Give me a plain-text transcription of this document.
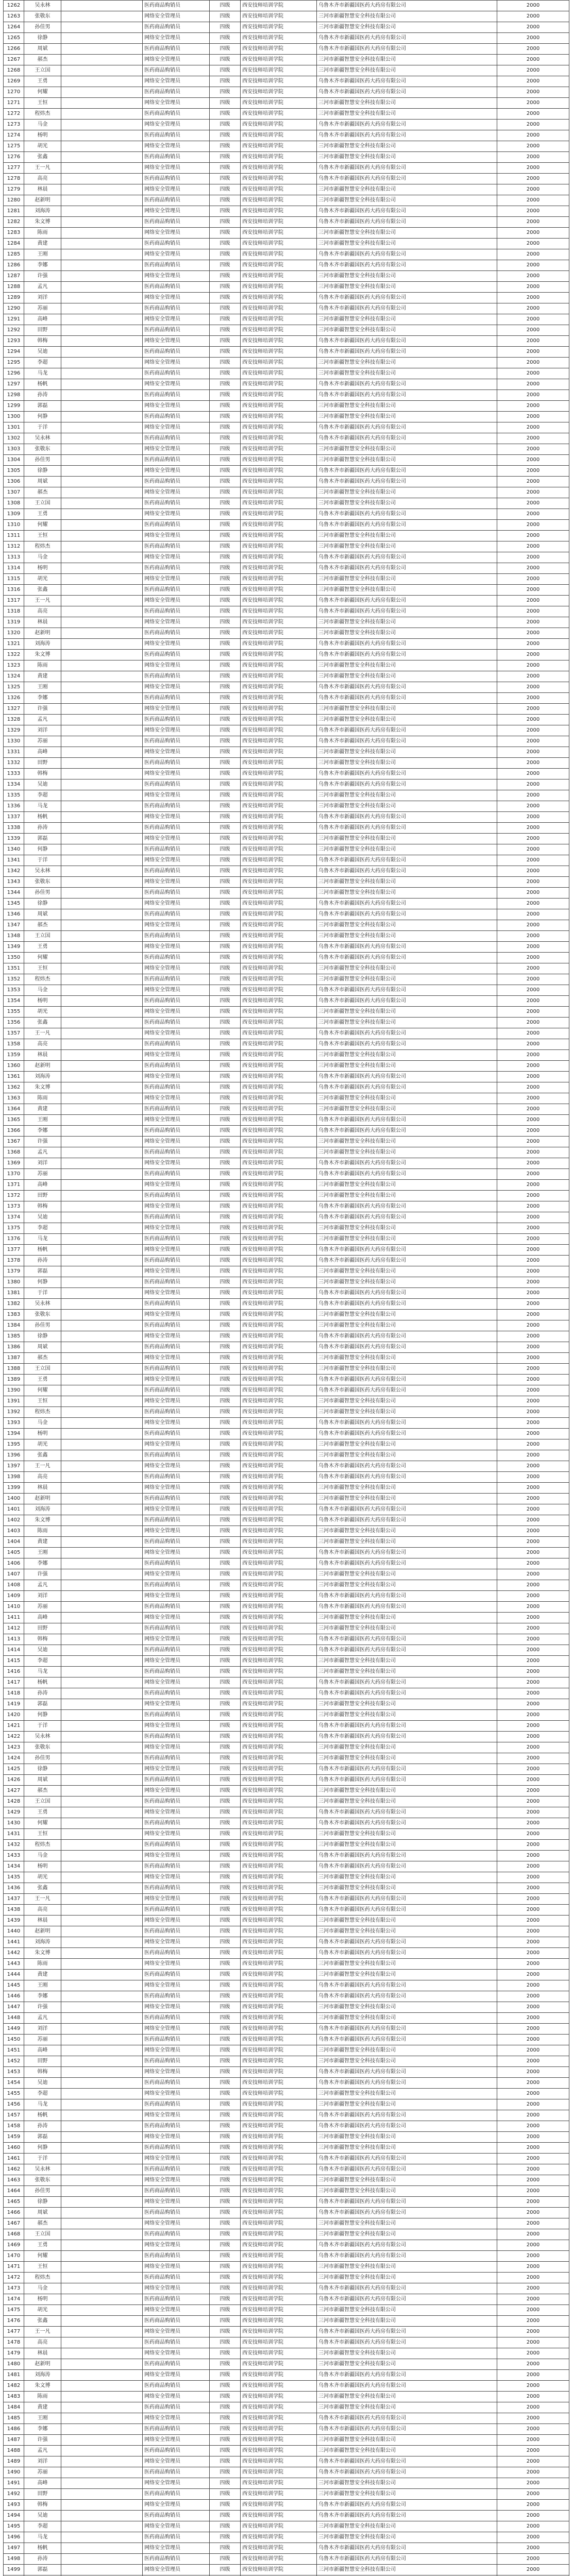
1262	吴永林		医药商品购销员	四级	西安技师培训学院	乌鲁木齐市新疆国医药大药房有限公司	2000
1263	张敬东		网络安全管理员	四级	西安技师培训学院	三河市新疆智慧安全科技有限公司	2000
1264	孙佳男		医药商品购销员	四级	西安技师培训学院	三河市新疆智慧安全科技有限公司	2000
1265	徐静		网络安全管理员	四级	西安技师培训学院	乌鲁木齐市新疆国医药大药房有限公司	2000
1266	周斌		医药商品购销员	四级	西安技师培训学院	乌鲁木齐市新疆国医药大药房有限公司	2000
1267	郝杰		网络安全管理员	四级	西安技师培训学院	三河市新疆智慧安全科技有限公司	2000
1268	王立国		医药商品购销员	四级	西安技师培训学院	三河市新疆智慧安全科技有限公司	2000
1269	王勇		网络安全管理员	四级	西安技师培训学院	乌鲁木齐市新疆国医药大药房有限公司	2000
1270	何耀		医药商品购销员	四级	西安技师培训学院	乌鲁木齐市新疆国医药大药房有限公司	2000
1271	王恒		网络安全管理员	四级	西安技师培训学院	三河市新疆智慧安全科技有限公司	2000
1272	程炜杰		医药商品购销员	四级	西安技师培训学院	三河市新疆智慧安全科技有限公司	2000
1273	马金		网络安全管理员	四级	西安技师培训学院	乌鲁木齐市新疆国医药大药房有限公司	2000
1274	杨明		医药商品购销员	四级	西安技师培训学院	乌鲁木齐市新疆国医药大药房有限公司	2000
1275	胡光		网络安全管理员	四级	西安技师培训学院	三河市新疆智慧安全科技有限公司	2000
1276	张鑫		医药商品购销员	四级	西安技师培训学院	三河市新疆智慧安全科技有限公司	2000
1277	王一凡		网络安全管理员	四级	西安技师培训学院	乌鲁木齐市新疆国医药大药房有限公司	2000
1278	高亮		医药商品购销员	四级	西安技师培训学院	乌鲁木齐市新疆国医药大药房有限公司	2000
1279	林晨		网络安全管理员	四级	西安技师培训学院	三河市新疆智慧安全科技有限公司	2000
1280	赵新明		医药商品购销员	四级	西安技师培训学院	三河市新疆智慧安全科技有限公司	2000
1281	刘海涛		网络安全管理员	四级	西安技师培训学院	乌鲁木齐市新疆国医药大药房有限公司	2000
1282	朱文博		医药商品购销员	四级	西安技师培训学院	乌鲁木齐市新疆国医药大药房有限公司	2000
1283	陈雨		网络安全管理员	四级	西安技师培训学院	三河市新疆智慧安全科技有限公司	2000
1284	黄建		医药商品购销员	四级	西安技师培训学院	三河市新疆智慧安全科技有限公司	2000
1285	王刚		网络安全管理员	四级	西安技师培训学院	乌鲁木齐市新疆国医药大药房有限公司	2000
1286	李娜		医药商品购销员	四级	西安技师培训学院	乌鲁木齐市新疆国医药大药房有限公司	2000
1287	许强		网络安全管理员	四级	西安技师培训学院	三河市新疆智慧安全科技有限公司	2000
1288	孟凡		医药商品购销员	四级	西安技师培训学院	三河市新疆智慧安全科技有限公司	2000
1289	刘洋		网络安全管理员	四级	西安技师培训学院	乌鲁木齐市新疆国医药大药房有限公司	2000
1290	苏丽		医药商品购销员	四级	西安技师培训学院	乌鲁木齐市新疆国医药大药房有限公司	2000
1291	高峰		网络安全管理员	四级	西安技师培训学院	三河市新疆智慧安全科技有限公司	2000
1292	田野		医药商品购销员	四级	西安技师培训学院	三河市新疆智慧安全科技有限公司	2000
1293	韩梅		网络安全管理员	四级	西安技师培训学院	乌鲁木齐市新疆国医药大药房有限公司	2000
1294	吴迪		医药商品购销员	四级	西安技师培训学院	乌鲁木齐市新疆国医药大药房有限公司	2000
1295	李超		网络安全管理员	四级	西安技师培训学院	三河市新疆智慧安全科技有限公司	2000
1296	马龙		医药商品购销员	四级	西安技师培训学院	三河市新疆智慧安全科技有限公司	2000
1297	杨帆		网络安全管理员	四级	西安技师培训学院	乌鲁木齐市新疆国医药大药房有限公司	2000
1298	孙涛		医药商品购销员	四级	西安技师培训学院	乌鲁木齐市新疆国医药大药房有限公司	2000
1299	郭磊		网络安全管理员	四级	西安技师培训学院	三河市新疆智慧安全科技有限公司	2000
1300	何静		医药商品购销员	四级	西安技师培训学院	三河市新疆智慧安全科技有限公司	2000
1301	于洋		网络安全管理员	四级	西安技师培训学院	乌鲁木齐市新疆国医药大药房有限公司	2000
1302	吴永林		医药商品购销员	四级	西安技师培训学院	乌鲁木齐市新疆国医药大药房有限公司	2000
1303	张敬东		网络安全管理员	四级	西安技师培训学院	三河市新疆智慧安全科技有限公司	2000
1304	孙佳男		医药商品购销员	四级	西安技师培训学院	三河市新疆智慧安全科技有限公司	2000
1305	徐静		网络安全管理员	四级	西安技师培训学院	乌鲁木齐市新疆国医药大药房有限公司	2000
1306	周斌		医药商品购销员	四级	西安技师培训学院	乌鲁木齐市新疆国医药大药房有限公司	2000
1307	郝杰		网络安全管理员	四级	西安技师培训学院	三河市新疆智慧安全科技有限公司	2000
1308	王立国		医药商品购销员	四级	西安技师培训学院	三河市新疆智慧安全科技有限公司	2000
1309	王勇		网络安全管理员	四级	西安技师培训学院	乌鲁木齐市新疆国医药大药房有限公司	2000
1310	何耀		医药商品购销员	四级	西安技师培训学院	乌鲁木齐市新疆国医药大药房有限公司	2000
1311	王恒		网络安全管理员	四级	西安技师培训学院	三河市新疆智慧安全科技有限公司	2000
1312	程炜杰		医药商品购销员	四级	西安技师培训学院	三河市新疆智慧安全科技有限公司	2000
1313	马金		网络安全管理员	四级	西安技师培训学院	乌鲁木齐市新疆国医药大药房有限公司	2000
1314	杨明		医药商品购销员	四级	西安技师培训学院	乌鲁木齐市新疆国医药大药房有限公司	2000
1315	胡光		网络安全管理员	四级	西安技师培训学院	三河市新疆智慧安全科技有限公司	2000
1316	张鑫		医药商品购销员	四级	西安技师培训学院	三河市新疆智慧安全科技有限公司	2000
1317	王一凡		网络安全管理员	四级	西安技师培训学院	乌鲁木齐市新疆国医药大药房有限公司	2000
1318	高亮		医药商品购销员	四级	西安技师培训学院	乌鲁木齐市新疆国医药大药房有限公司	2000
1319	林晨		网络安全管理员	四级	西安技师培训学院	三河市新疆智慧安全科技有限公司	2000
1320	赵新明		医药商品购销员	四级	西安技师培训学院	三河市新疆智慧安全科技有限公司	2000
1321	刘海涛		网络安全管理员	四级	西安技师培训学院	乌鲁木齐市新疆国医药大药房有限公司	2000
1322	朱文博		医药商品购销员	四级	西安技师培训学院	乌鲁木齐市新疆国医药大药房有限公司	2000
1323	陈雨		网络安全管理员	四级	西安技师培训学院	三河市新疆智慧安全科技有限公司	2000
1324	黄建		医药商品购销员	四级	西安技师培训学院	三河市新疆智慧安全科技有限公司	2000
1325	王刚		网络安全管理员	四级	西安技师培训学院	乌鲁木齐市新疆国医药大药房有限公司	2000
1326	李娜		医药商品购销员	四级	西安技师培训学院	乌鲁木齐市新疆国医药大药房有限公司	2000
1327	许强		网络安全管理员	四级	西安技师培训学院	三河市新疆智慧安全科技有限公司	2000
1328	孟凡		医药商品购销员	四级	西安技师培训学院	三河市新疆智慧安全科技有限公司	2000
1329	刘洋		网络安全管理员	四级	西安技师培训学院	乌鲁木齐市新疆国医药大药房有限公司	2000
1330	苏丽		医药商品购销员	四级	西安技师培训学院	乌鲁木齐市新疆国医药大药房有限公司	2000
1331	高峰		网络安全管理员	四级	西安技师培训学院	三河市新疆智慧安全科技有限公司	2000
1332	田野		医药商品购销员	四级	西安技师培训学院	三河市新疆智慧安全科技有限公司	2000
1333	韩梅		网络安全管理员	四级	西安技师培训学院	乌鲁木齐市新疆国医药大药房有限公司	2000
1334	吴迪		医药商品购销员	四级	西安技师培训学院	乌鲁木齐市新疆国医药大药房有限公司	2000
1335	李超		网络安全管理员	四级	西安技师培训学院	三河市新疆智慧安全科技有限公司	2000
1336	马龙		医药商品购销员	四级	西安技师培训学院	三河市新疆智慧安全科技有限公司	2000
1337	杨帆		网络安全管理员	四级	西安技师培训学院	乌鲁木齐市新疆国医药大药房有限公司	2000
1338	孙涛		医药商品购销员	四级	西安技师培训学院	乌鲁木齐市新疆国医药大药房有限公司	2000
1339	郭磊		网络安全管理员	四级	西安技师培训学院	三河市新疆智慧安全科技有限公司	2000
1340	何静		医药商品购销员	四级	西安技师培训学院	三河市新疆智慧安全科技有限公司	2000
1341	于洋		网络安全管理员	四级	西安技师培训学院	乌鲁木齐市新疆国医药大药房有限公司	2000
1342	吴永林		医药商品购销员	四级	西安技师培训学院	乌鲁木齐市新疆国医药大药房有限公司	2000
1343	张敬东		网络安全管理员	四级	西安技师培训学院	三河市新疆智慧安全科技有限公司	2000
1344	孙佳男		医药商品购销员	四级	西安技师培训学院	三河市新疆智慧安全科技有限公司	2000
1345	徐静		网络安全管理员	四级	西安技师培训学院	乌鲁木齐市新疆国医药大药房有限公司	2000
1346	周斌		医药商品购销员	四级	西安技师培训学院	乌鲁木齐市新疆国医药大药房有限公司	2000
1347	郝杰		网络安全管理员	四级	西安技师培训学院	三河市新疆智慧安全科技有限公司	2000
1348	王立国		医药商品购销员	四级	西安技师培训学院	三河市新疆智慧安全科技有限公司	2000
1349	王勇		网络安全管理员	四级	西安技师培训学院	乌鲁木齐市新疆国医药大药房有限公司	2000
1350	何耀		医药商品购销员	四级	西安技师培训学院	乌鲁木齐市新疆国医药大药房有限公司	2000
1351	王恒		网络安全管理员	四级	西安技师培训学院	三河市新疆智慧安全科技有限公司	2000
1352	程炜杰		医药商品购销员	四级	西安技师培训学院	三河市新疆智慧安全科技有限公司	2000
1353	马金		网络安全管理员	四级	西安技师培训学院	乌鲁木齐市新疆国医药大药房有限公司	2000
1354	杨明		医药商品购销员	四级	西安技师培训学院	乌鲁木齐市新疆国医药大药房有限公司	2000
1355	胡光		网络安全管理员	四级	西安技师培训学院	三河市新疆智慧安全科技有限公司	2000
1356	张鑫		医药商品购销员	四级	西安技师培训学院	三河市新疆智慧安全科技有限公司	2000
1357	王一凡		网络安全管理员	四级	西安技师培训学院	乌鲁木齐市新疆国医药大药房有限公司	2000
1358	高亮		医药商品购销员	四级	西安技师培训学院	乌鲁木齐市新疆国医药大药房有限公司	2000
1359	林晨		网络安全管理员	四级	西安技师培训学院	三河市新疆智慧安全科技有限公司	2000
1360	赵新明		医药商品购销员	四级	西安技师培训学院	三河市新疆智慧安全科技有限公司	2000
1361	刘海涛		网络安全管理员	四级	西安技师培训学院	乌鲁木齐市新疆国医药大药房有限公司	2000
1362	朱文博		医药商品购销员	四级	西安技师培训学院	乌鲁木齐市新疆国医药大药房有限公司	2000
1363	陈雨		网络安全管理员	四级	西安技师培训学院	三河市新疆智慧安全科技有限公司	2000
1364	黄建		医药商品购销员	四级	西安技师培训学院	三河市新疆智慧安全科技有限公司	2000
1365	王刚		网络安全管理员	四级	西安技师培训学院	乌鲁木齐市新疆国医药大药房有限公司	2000
1366	李娜		医药商品购销员	四级	西安技师培训学院	乌鲁木齐市新疆国医药大药房有限公司	2000
1367	许强		网络安全管理员	四级	西安技师培训学院	三河市新疆智慧安全科技有限公司	2000
1368	孟凡		医药商品购销员	四级	西安技师培训学院	三河市新疆智慧安全科技有限公司	2000
1369	刘洋		网络安全管理员	四级	西安技师培训学院	乌鲁木齐市新疆国医药大药房有限公司	2000
1370	苏丽		医药商品购销员	四级	西安技师培训学院	乌鲁木齐市新疆国医药大药房有限公司	2000
1371	高峰		网络安全管理员	四级	西安技师培训学院	三河市新疆智慧安全科技有限公司	2000
1372	田野		医药商品购销员	四级	西安技师培训学院	三河市新疆智慧安全科技有限公司	2000
1373	韩梅		网络安全管理员	四级	西安技师培训学院	乌鲁木齐市新疆国医药大药房有限公司	2000
1374	吴迪		医药商品购销员	四级	西安技师培训学院	乌鲁木齐市新疆国医药大药房有限公司	2000
1375	李超		网络安全管理员	四级	西安技师培训学院	三河市新疆智慧安全科技有限公司	2000
1376	马龙		医药商品购销员	四级	西安技师培训学院	三河市新疆智慧安全科技有限公司	2000
1377	杨帆		网络安全管理员	四级	西安技师培训学院	乌鲁木齐市新疆国医药大药房有限公司	2000
1378	孙涛		医药商品购销员	四级	西安技师培训学院	乌鲁木齐市新疆国医药大药房有限公司	2000
1379	郭磊		网络安全管理员	四级	西安技师培训学院	三河市新疆智慧安全科技有限公司	2000
1380	何静		医药商品购销员	四级	西安技师培训学院	三河市新疆智慧安全科技有限公司	2000
1381	于洋		网络安全管理员	四级	西安技师培训学院	乌鲁木齐市新疆国医药大药房有限公司	2000
1382	吴永林		医药商品购销员	四级	西安技师培训学院	乌鲁木齐市新疆国医药大药房有限公司	2000
1383	张敬东		网络安全管理员	四级	西安技师培训学院	三河市新疆智慧安全科技有限公司	2000
1384	孙佳男		医药商品购销员	四级	西安技师培训学院	三河市新疆智慧安全科技有限公司	2000
1385	徐静		网络安全管理员	四级	西安技师培训学院	乌鲁木齐市新疆国医药大药房有限公司	2000
1386	周斌		医药商品购销员	四级	西安技师培训学院	乌鲁木齐市新疆国医药大药房有限公司	2000
1387	郝杰		网络安全管理员	四级	西安技师培训学院	三河市新疆智慧安全科技有限公司	2000
1388	王立国		医药商品购销员	四级	西安技师培训学院	三河市新疆智慧安全科技有限公司	2000
1389	王勇		网络安全管理员	四级	西安技师培训学院	乌鲁木齐市新疆国医药大药房有限公司	2000
1390	何耀		医药商品购销员	四级	西安技师培训学院	乌鲁木齐市新疆国医药大药房有限公司	2000
1391	王恒		网络安全管理员	四级	西安技师培训学院	三河市新疆智慧安全科技有限公司	2000
1392	程炜杰		医药商品购销员	四级	西安技师培训学院	三河市新疆智慧安全科技有限公司	2000
1393	马金		网络安全管理员	四级	西安技师培训学院	乌鲁木齐市新疆国医药大药房有限公司	2000
1394	杨明		医药商品购销员	四级	西安技师培训学院	乌鲁木齐市新疆国医药大药房有限公司	2000
1395	胡光		网络安全管理员	四级	西安技师培训学院	三河市新疆智慧安全科技有限公司	2000
1396	张鑫		医药商品购销员	四级	西安技师培训学院	三河市新疆智慧安全科技有限公司	2000
1397	王一凡		网络安全管理员	四级	西安技师培训学院	乌鲁木齐市新疆国医药大药房有限公司	2000
1398	高亮		医药商品购销员	四级	西安技师培训学院	乌鲁木齐市新疆国医药大药房有限公司	2000
1399	林晨		网络安全管理员	四级	西安技师培训学院	三河市新疆智慧安全科技有限公司	2000
1400	赵新明		医药商品购销员	四级	西安技师培训学院	三河市新疆智慧安全科技有限公司	2000
1401	刘海涛		网络安全管理员	四级	西安技师培训学院	乌鲁木齐市新疆国医药大药房有限公司	2000
1402	朱文博		医药商品购销员	四级	西安技师培训学院	乌鲁木齐市新疆国医药大药房有限公司	2000
1403	陈雨		网络安全管理员	四级	西安技师培训学院	三河市新疆智慧安全科技有限公司	2000
1404	黄建		医药商品购销员	四级	西安技师培训学院	三河市新疆智慧安全科技有限公司	2000
1405	王刚		网络安全管理员	四级	西安技师培训学院	乌鲁木齐市新疆国医药大药房有限公司	2000
1406	李娜		医药商品购销员	四级	西安技师培训学院	乌鲁木齐市新疆国医药大药房有限公司	2000
1407	许强		网络安全管理员	四级	西安技师培训学院	三河市新疆智慧安全科技有限公司	2000
1408	孟凡		医药商品购销员	四级	西安技师培训学院	三河市新疆智慧安全科技有限公司	2000
1409	刘洋		网络安全管理员	四级	西安技师培训学院	乌鲁木齐市新疆国医药大药房有限公司	2000
1410	苏丽		医药商品购销员	四级	西安技师培训学院	乌鲁木齐市新疆国医药大药房有限公司	2000
1411	高峰		网络安全管理员	四级	西安技师培训学院	三河市新疆智慧安全科技有限公司	2000
1412	田野		医药商品购销员	四级	西安技师培训学院	三河市新疆智慧安全科技有限公司	2000
1413	韩梅		网络安全管理员	四级	西安技师培训学院	乌鲁木齐市新疆国医药大药房有限公司	2000
1414	吴迪		医药商品购销员	四级	西安技师培训学院	乌鲁木齐市新疆国医药大药房有限公司	2000
1415	李超		网络安全管理员	四级	西安技师培训学院	三河市新疆智慧安全科技有限公司	2000
1416	马龙		医药商品购销员	四级	西安技师培训学院	三河市新疆智慧安全科技有限公司	2000
1417	杨帆		网络安全管理员	四级	西安技师培训学院	乌鲁木齐市新疆国医药大药房有限公司	2000
1418	孙涛		医药商品购销员	四级	西安技师培训学院	乌鲁木齐市新疆国医药大药房有限公司	2000
1419	郭磊		网络安全管理员	四级	西安技师培训学院	三河市新疆智慧安全科技有限公司	2000
1420	何静		医药商品购销员	四级	西安技师培训学院	三河市新疆智慧安全科技有限公司	2000
1421	于洋		网络安全管理员	四级	西安技师培训学院	乌鲁木齐市新疆国医药大药房有限公司	2000
1422	吴永林		医药商品购销员	四级	西安技师培训学院	乌鲁木齐市新疆国医药大药房有限公司	2000
1423	张敬东		网络安全管理员	四级	西安技师培训学院	三河市新疆智慧安全科技有限公司	2000
1424	孙佳男		医药商品购销员	四级	西安技师培训学院	三河市新疆智慧安全科技有限公司	2000
1425	徐静		网络安全管理员	四级	西安技师培训学院	乌鲁木齐市新疆国医药大药房有限公司	2000
1426	周斌		医药商品购销员	四级	西安技师培训学院	乌鲁木齐市新疆国医药大药房有限公司	2000
1427	郝杰		网络安全管理员	四级	西安技师培训学院	三河市新疆智慧安全科技有限公司	2000
1428	王立国		医药商品购销员	四级	西安技师培训学院	三河市新疆智慧安全科技有限公司	2000
1429	王勇		网络安全管理员	四级	西安技师培训学院	乌鲁木齐市新疆国医药大药房有限公司	2000
1430	何耀		医药商品购销员	四级	西安技师培训学院	乌鲁木齐市新疆国医药大药房有限公司	2000
1431	王恒		网络安全管理员	四级	西安技师培训学院	三河市新疆智慧安全科技有限公司	2000
1432	程炜杰		医药商品购销员	四级	西安技师培训学院	三河市新疆智慧安全科技有限公司	2000
1433	马金		网络安全管理员	四级	西安技师培训学院	乌鲁木齐市新疆国医药大药房有限公司	2000
1434	杨明		医药商品购销员	四级	西安技师培训学院	乌鲁木齐市新疆国医药大药房有限公司	2000
1435	胡光		网络安全管理员	四级	西安技师培训学院	三河市新疆智慧安全科技有限公司	2000
1436	张鑫		医药商品购销员	四级	西安技师培训学院	三河市新疆智慧安全科技有限公司	2000
1437	王一凡		网络安全管理员	四级	西安技师培训学院	乌鲁木齐市新疆国医药大药房有限公司	2000
1438	高亮		医药商品购销员	四级	西安技师培训学院	乌鲁木齐市新疆国医药大药房有限公司	2000
1439	林晨		网络安全管理员	四级	西安技师培训学院	三河市新疆智慧安全科技有限公司	2000
1440	赵新明		医药商品购销员	四级	西安技师培训学院	三河市新疆智慧安全科技有限公司	2000
1441	刘海涛		网络安全管理员	四级	西安技师培训学院	乌鲁木齐市新疆国医药大药房有限公司	2000
1442	朱文博		医药商品购销员	四级	西安技师培训学院	乌鲁木齐市新疆国医药大药房有限公司	2000
1443	陈雨		网络安全管理员	四级	西安技师培训学院	三河市新疆智慧安全科技有限公司	2000
1444	黄建		医药商品购销员	四级	西安技师培训学院	三河市新疆智慧安全科技有限公司	2000
1445	王刚		网络安全管理员	四级	西安技师培训学院	乌鲁木齐市新疆国医药大药房有限公司	2000
1446	李娜		医药商品购销员	四级	西安技师培训学院	乌鲁木齐市新疆国医药大药房有限公司	2000
1447	许强		网络安全管理员	四级	西安技师培训学院	三河市新疆智慧安全科技有限公司	2000
1448	孟凡		医药商品购销员	四级	西安技师培训学院	三河市新疆智慧安全科技有限公司	2000
1449	刘洋		网络安全管理员	四级	西安技师培训学院	乌鲁木齐市新疆国医药大药房有限公司	2000
1450	苏丽		医药商品购销员	四级	西安技师培训学院	乌鲁木齐市新疆国医药大药房有限公司	2000
1451	高峰		网络安全管理员	四级	西安技师培训学院	三河市新疆智慧安全科技有限公司	2000
1452	田野		医药商品购销员	四级	西安技师培训学院	三河市新疆智慧安全科技有限公司	2000
1453	韩梅		网络安全管理员	四级	西安技师培训学院	乌鲁木齐市新疆国医药大药房有限公司	2000
1454	吴迪		医药商品购销员	四级	西安技师培训学院	乌鲁木齐市新疆国医药大药房有限公司	2000
1455	李超		网络安全管理员	四级	西安技师培训学院	三河市新疆智慧安全科技有限公司	2000
1456	马龙		医药商品购销员	四级	西安技师培训学院	三河市新疆智慧安全科技有限公司	2000
1457	杨帆		网络安全管理员	四级	西安技师培训学院	乌鲁木齐市新疆国医药大药房有限公司	2000
1458	孙涛		医药商品购销员	四级	西安技师培训学院	乌鲁木齐市新疆国医药大药房有限公司	2000
1459	郭磊		网络安全管理员	四级	西安技师培训学院	三河市新疆智慧安全科技有限公司	2000
1460	何静		医药商品购销员	四级	西安技师培训学院	三河市新疆智慧安全科技有限公司	2000
1461	于洋		网络安全管理员	四级	西安技师培训学院	乌鲁木齐市新疆国医药大药房有限公司	2000
1462	吴永林		医药商品购销员	四级	西安技师培训学院	乌鲁木齐市新疆国医药大药房有限公司	2000
1463	张敬东		网络安全管理员	四级	西安技师培训学院	三河市新疆智慧安全科技有限公司	2000
1464	孙佳男		医药商品购销员	四级	西安技师培训学院	三河市新疆智慧安全科技有限公司	2000
1465	徐静		网络安全管理员	四级	西安技师培训学院	乌鲁木齐市新疆国医药大药房有限公司	2000
1466	周斌		医药商品购销员	四级	西安技师培训学院	乌鲁木齐市新疆国医药大药房有限公司	2000
1467	郝杰		网络安全管理员	四级	西安技师培训学院	三河市新疆智慧安全科技有限公司	2000
1468	王立国		医药商品购销员	四级	西安技师培训学院	三河市新疆智慧安全科技有限公司	2000
1469	王勇		网络安全管理员	四级	西安技师培训学院	乌鲁木齐市新疆国医药大药房有限公司	2000
1470	何耀		医药商品购销员	四级	西安技师培训学院	乌鲁木齐市新疆国医药大药房有限公司	2000
1471	王恒		网络安全管理员	四级	西安技师培训学院	三河市新疆智慧安全科技有限公司	2000
1472	程炜杰		医药商品购销员	四级	西安技师培训学院	三河市新疆智慧安全科技有限公司	2000
1473	马金		网络安全管理员	四级	西安技师培训学院	乌鲁木齐市新疆国医药大药房有限公司	2000
1474	杨明		医药商品购销员	四级	西安技师培训学院	乌鲁木齐市新疆国医药大药房有限公司	2000
1475	胡光		网络安全管理员	四级	西安技师培训学院	三河市新疆智慧安全科技有限公司	2000
1476	张鑫		医药商品购销员	四级	西安技师培训学院	三河市新疆智慧安全科技有限公司	2000
1477	王一凡		网络安全管理员	四级	西安技师培训学院	乌鲁木齐市新疆国医药大药房有限公司	2000
1478	高亮		医药商品购销员	四级	西安技师培训学院	乌鲁木齐市新疆国医药大药房有限公司	2000
1479	林晨		网络安全管理员	四级	西安技师培训学院	三河市新疆智慧安全科技有限公司	2000
1480	赵新明		医药商品购销员	四级	西安技师培训学院	三河市新疆智慧安全科技有限公司	2000
1481	刘海涛		网络安全管理员	四级	西安技师培训学院	乌鲁木齐市新疆国医药大药房有限公司	2000
1482	朱文博		医药商品购销员	四级	西安技师培训学院	乌鲁木齐市新疆国医药大药房有限公司	2000
1483	陈雨		网络安全管理员	四级	西安技师培训学院	三河市新疆智慧安全科技有限公司	2000
1484	黄建		医药商品购销员	四级	西安技师培训学院	三河市新疆智慧安全科技有限公司	2000
1485	王刚		网络安全管理员	四级	西安技师培训学院	乌鲁木齐市新疆国医药大药房有限公司	2000
1486	李娜		医药商品购销员	四级	西安技师培训学院	乌鲁木齐市新疆国医药大药房有限公司	2000
1487	许强		网络安全管理员	四级	西安技师培训学院	三河市新疆智慧安全科技有限公司	2000
1488	孟凡		医药商品购销员	四级	西安技师培训学院	三河市新疆智慧安全科技有限公司	2000
1489	刘洋		网络安全管理员	四级	西安技师培训学院	乌鲁木齐市新疆国医药大药房有限公司	2000
1490	苏丽		医药商品购销员	四级	西安技师培训学院	乌鲁木齐市新疆国医药大药房有限公司	2000
1491	高峰		网络安全管理员	四级	西安技师培训学院	三河市新疆智慧安全科技有限公司	2000
1492	田野		医药商品购销员	四级	西安技师培训学院	三河市新疆智慧安全科技有限公司	2000
1493	韩梅		网络安全管理员	四级	西安技师培训学院	乌鲁木齐市新疆国医药大药房有限公司	2000
1494	吴迪		医药商品购销员	四级	西安技师培训学院	乌鲁木齐市新疆国医药大药房有限公司	2000
1495	李超		网络安全管理员	四级	西安技师培训学院	三河市新疆智慧安全科技有限公司	2000
1496	马龙		医药商品购销员	四级	西安技师培训学院	三河市新疆智慧安全科技有限公司	2000
1497	杨帆		网络安全管理员	四级	西安技师培训学院	乌鲁木齐市新疆国医药大药房有限公司	2000
1498	孙涛		医药商品购销员	四级	西安技师培训学院	乌鲁木齐市新疆国医药大药房有限公司	2000
1499	郭磊		网络安全管理员	四级	西安技师培训学院	三河市新疆智慧安全科技有限公司	2000
